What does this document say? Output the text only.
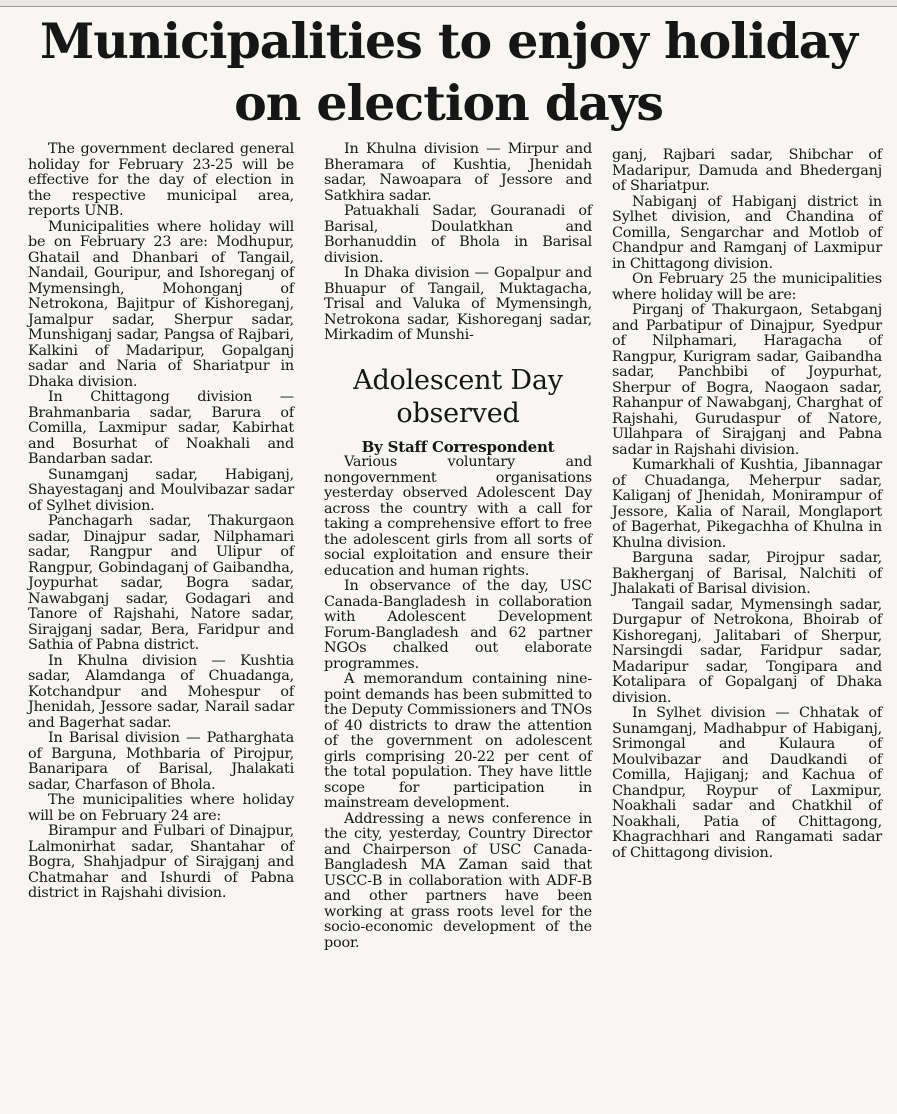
Municipalities to enjoy holiday
on election days

The government declared general holiday for February 23-25 will be effective for the day of election in the respective municipal area, reports UNB.

Municipalities where holiday will be on February 23 are: Modhupur, Ghatail and Dhanbari of Tangail, Nandail, Gouripur, and Ishoreganj of Mymensingh, Mohonganj of Netrokona, Bajitpur of Kishoreganj, Jamalpur sadar, Sherpur sadar, Munshiganj sadar, Pangsa of Rajbari, Kalkini of Madaripur, Gopalganj sadar and Naria of Shariatpur in Dhaka division.

In Chittagong division — Brahmanbaria sadar, Barura of Comilla, Laxmipur sadar, Kabirhat and Bosurhat of Noakhali and Bandarban sadar.

Sunamganj sadar, Habiganj, Shayestaganj and Moulvibazar sadar of Sylhet division.

Panchagarh sadar, Thakurgaon sadar, Dinajpur sadar, Nilphamari sadar, Rangpur and Ulipur of Rangpur, Gobindaganj of Gaibandha, Joypurhat sadar, Bogra sadar, Nawabganj sadar, Godagari and Tanore of Rajshahi, Natore sadar, Sirajganj sadar, Bera, Faridpur and Sathia of Pabna district.

In Khulna division — Kushtia sadar, Alamdanga of Chuadanga, Kotchandpur and Mohespur of Jhenidah, Jessore sadar, Narail sadar and Bagerhat sadar.

In Barisal division — Patharghata of Barguna, Mothbaria of Pirojpur, Banaripara of Barisal, Jhalakati sadar, Charfason of Bhola.

The municipalities where holiday will be on February 24 are:

Birampur and Fulbari of Dinajpur, Lalmonirhat sadar, Shantahar of Bogra, Shahjadpur of Sirajganj and Chatmahar and Ishurdi of Pabna district in Rajshahi division.

In Khulna division — Mirpur and Bheramara of Kushtia, Jhenidah sadar, Nawoapara of Jessore and Satkhira sadar.

Patuakhali Sadar, Gouranadi of Barisal, Doulatkhan and Borhanuddin of Bhola in Barisal division.

In Dhaka division — Gopalpur and Bhuapur of Tangail, Muktagacha, Trisal and Valuka of Mymensingh, Netrokona sadar, Kishoreganj sadar, Mirkadim of Munshi-

Adolescent Day
observed

By Staff Correspondent

Various voluntary and nongovernment organisations yesterday observed Adolescent Day across the country with a call for taking a comprehensive effort to free the adolescent girls from all sorts of social exploitation and ensure their education and human rights.

In observance of the day, USC Canada-Bangladesh in collaboration with Adolescent Development Forum-Bangladesh and 62 partner NGOs chalked out elaborate programmes.

A memorandum containing nine-point demands has been submitted to the Deputy Commissioners and TNOs of 40 districts to draw the attention of the government on adolescent girls comprising 20-22 per cent of the total population. They have little scope for participation in mainstream development.

Addressing a news conference in the city, yesterday, Country Director and Chairperson of USC Canada-Bangladesh MA Zaman said that USCC-B in collaboration with ADF-B and other partners have been working at grass roots level for the socio-economic development of the poor.

ganj, Rajbari sadar, Shibchar of Madaripur, Damuda and Bhederganj of Shariatpur.

Nabiganj of Habiganj district in Sylhet division, and Chandina of Comilla, Sengarchar and Motlob of Chandpur and Ramganj of Laxmipur in Chittagong division.

On February 25 the municipalities where holiday will be are:

Pirganj of Thakurgaon, Setabganj and Parbatipur of Dinajpur, Syedpur of Nilphamari, Haragacha of Rangpur, Kurigram sadar, Gaibandha sadar, Panchbibi of Joypurhat, Sherpur of Bogra, Naogaon sadar, Rahanpur of Nawabganj, Charghat of Rajshahi, Gurudaspur of Natore, Ullahpara of Sirajganj and Pabna sadar in Rajshahi division.

Kumarkhali of Kushtia, Jibannagar of Chuadanga, Meherpur sadar, Kaliganj of Jhenidah, Monirampur of Jessore, Kalia of Narail, Monglaport of Bagerhat, Pikegachha of Khulna in Khulna division.

Barguna sadar, Pirojpur sadar, Bakherganj of Barisal, Nalchiti of Jhalakati of Barisal division.

Tangail sadar, Mymensingh sadar, Durgapur of Netrokona, Bhoirab of Kishoreganj, Jalitabari of Sherpur, Narsingdi sadar, Faridpur sadar, Madaripur sadar, Tongipara and Kotalipara of Gopalganj of Dhaka division.

In Sylhet division — Chhatak of Sunamganj, Madhabpur of Habiganj, Srimongal and Kulaura of Moulvibazar and Daudkandi of Comilla, Hajiganj; and Kachua of Chandpur, Roypur of Laxmipur, Noakhali sadar and Chatkhil of Noakhali, Patia of Chittagong, Khagrachhari and Rangamati sadar of Chittagong division.
